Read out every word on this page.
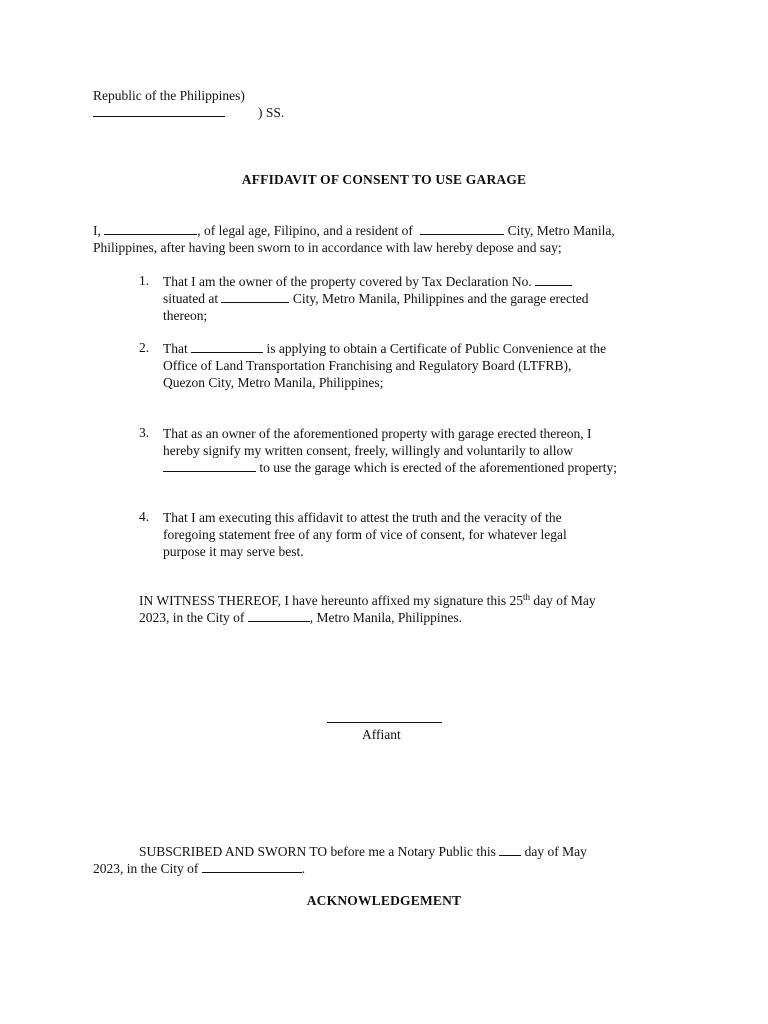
Republic of the Philippines)
) SS.
AFFIDAVIT OF CONSENT TO USE GARAGE
I,	, of legal age, Filipino, and a resident of	City, Metro Manila,
Philippines, after having been sworn to in accordance with law hereby depose and say;
1. That I am the owner of the property covered by Tax Declaration No.
situated at	City, Metro Manila, Philippines and the garage erected
thereon;
2. That	is applying to obtain a Certificate of Public Convenience at the
Office of Land Transportation Franchising and Regulatory Board (LTFRB),
Quezon City, Metro Manila, Philippines;
3. That as an owner of the aforementioned property with garage erected thereon, I
hereby signify my written consent, freely, willingly and voluntarily to allow
to use the garage which is erected of the aforementioned property;
4. That I am executing this affidavit to attest the truth and the veracity of the
foregoing statement free of any form of vice of consent, for whatever legal
purpose it may serve best.
IN WITNESS THEREOF, I have hereunto affixed my signature this 25th day of May
2023, in the City of	, Metro Manila, Philippines.
Affiant
SUBSCRIBED AND SWORN TO before me a Notary Public this day of May
2023, in the City of	.
ACKNOWLEDGEMENT
